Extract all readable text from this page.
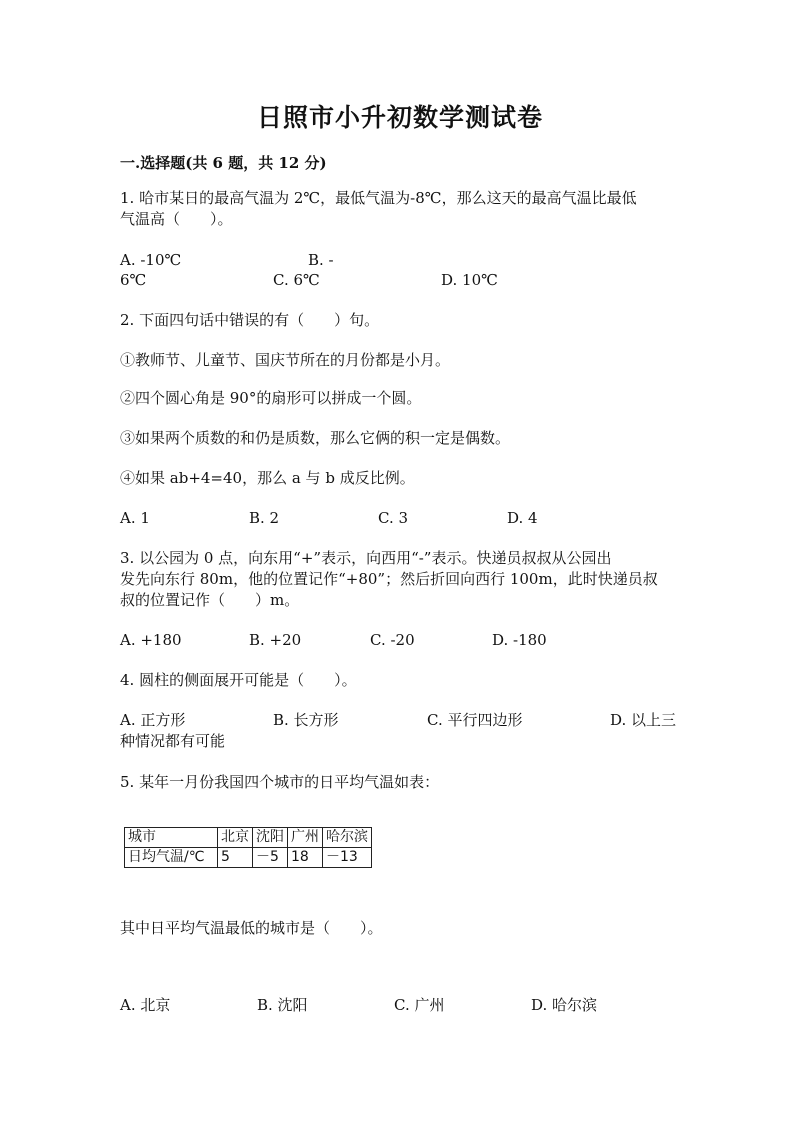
日照市小升初数学测试卷
一.选择题(共 6 题，共 12 分)
1. 哈市某日的最高气温为 2℃，最低气温为-8℃，那么这天的最高气温比最低
气温高（　　）。
A. -10℃	B. -
6℃	C. 6℃	D. 10℃
2. 下面四句话中错误的有（　　）句。
①教师节、儿童节、国庆节所在的月份都是小月。
②四个圆心角是 90°的扇形可以拼成一个圆。
③如果两个质数的和仍是质数，那么它俩的积一定是偶数。
④如果 ab+4=40，那么 a 与 b 成反比例。
A. 1	B. 2	C. 3	D. 4
3. 以公园为 0 点，向东用“+”表示，向西用“-”表示。快递员叔叔从公园出
发先向东行 80m，他的位置记作“+80”；然后折回向西行 100m，此时快递员叔
叔的位置记作（　　）m。
A. +180	B. +20	C. -20	D. -180
4. 圆柱的侧面展开可能是（　　）。
A. 正方形	B. 长方形	C. 平行四边形	D. 以上三
种情况都有可能
5. 某年一月份我国四个城市的日平均气温如表：
城市	北京	沈阳	广州	哈尔滨
日均气温/℃	5	－5	18	－13
其中日平均气温最低的城市是（　　）。
A. 北京	B. 沈阳	C. 广州	D. 哈尔滨
